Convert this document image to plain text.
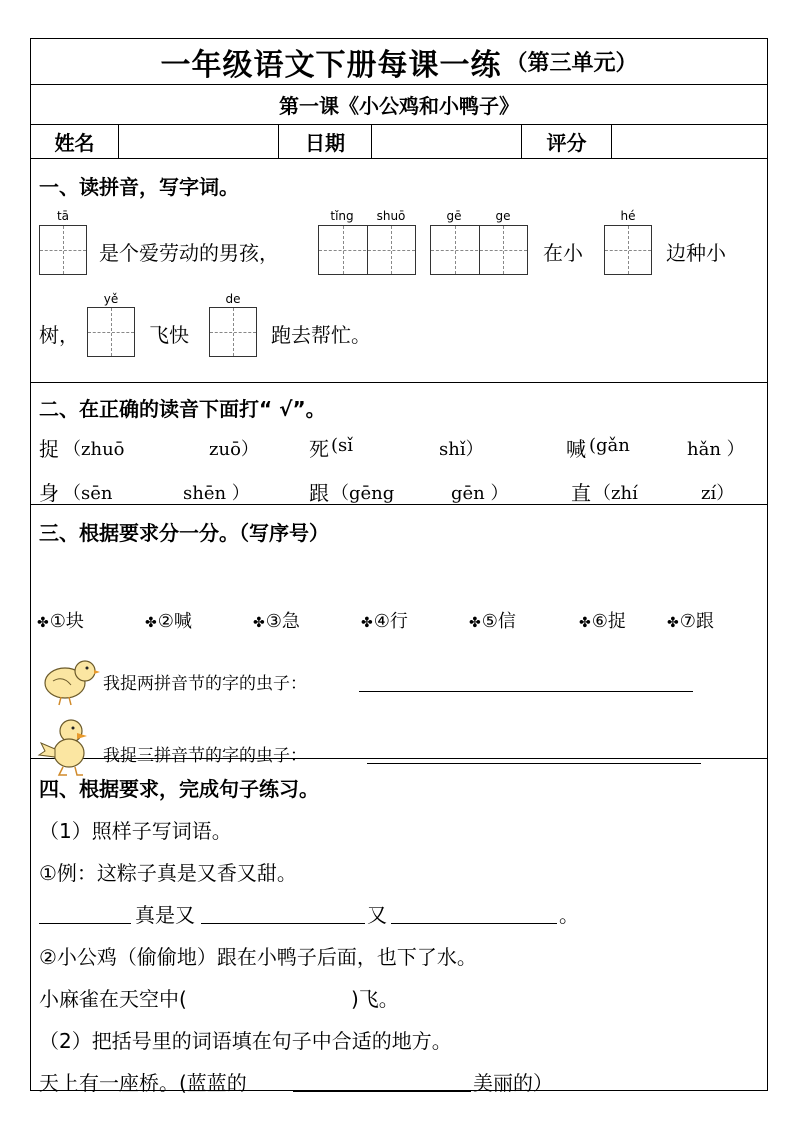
一年级语文下册每课一练 （第三单元）
第一课《小公鸡和小鸭子》
姓名	日期	评分
一、读拼音，写字词。
tā
是个爱劳动的男孩，
tǐng	shuō	gē	ge
在小
hé
边种小
树，
yě
飞快
de
跑去帮忙。
二、在正确的读音下面打“ √”。
捉 （zhuō	zuō）	死 (sǐ	shǐ）	喊 (gǎn	hǎn ）
身 （sēn	shēn ）	跟 （gēng	gēn ）	直 （zhí	zí）
三、根据要求分一分。（写序号）
✤①块	✤②喊	✤③急	✤④行	✤⑤信	✤⑥捉	✤⑦跟
我捉两拼音节的字的虫子：
我捉三拼音节的字的虫子：
四、根据要求，完成句子练习。
（1）照样子写词语。
①例：这粽子真是又香又甜。
真是又	又	。
②小公鸡（偷偷地）跟在小鸭子后面，也下了水。
小麻雀在天空中(	)飞。
（2）把括号里的词语填在句子中合适的地方。
天上有一座桥。(蓝蓝的	美丽的）
